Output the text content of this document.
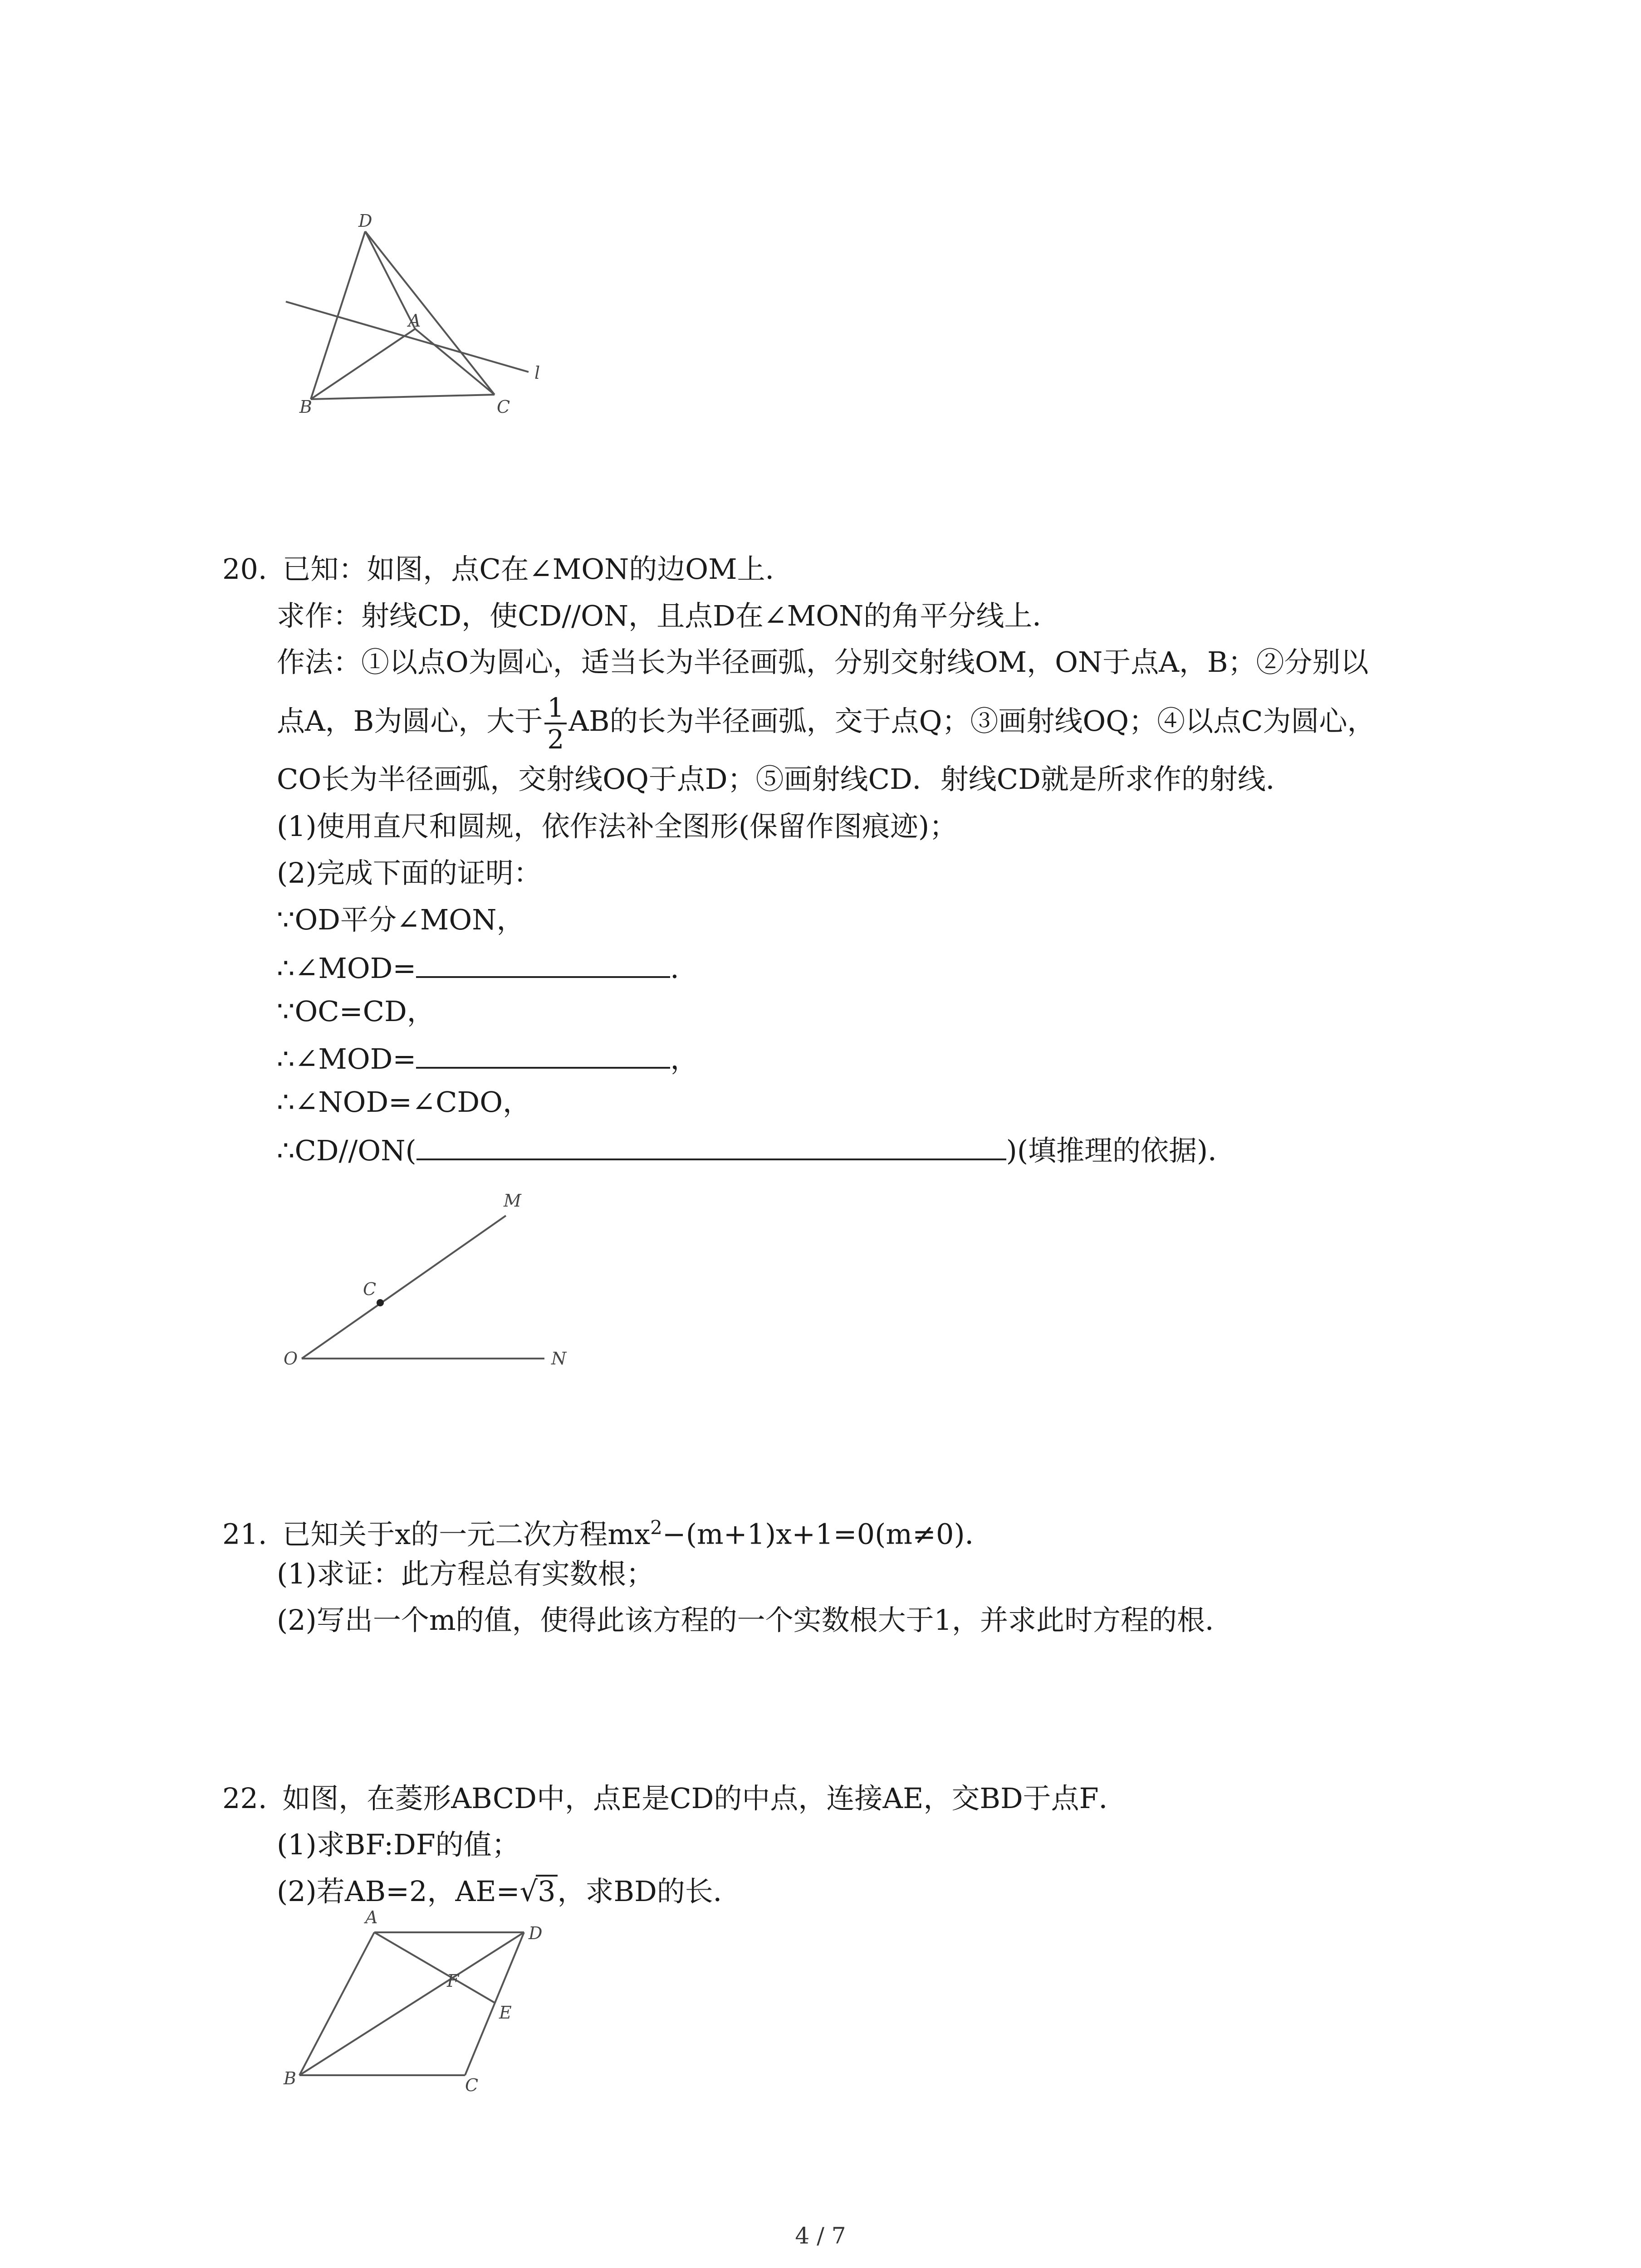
D
A
l
B	C
20. 已知：如图，点C在∠MON的边OM上．
求作：射线CD，使CD//ON，且点D在∠MON的角平分线上．
作法：①以点O为圆心，适当长为半径画弧，分别交射线OM，ON于点A，B；②分别以
点A，B为圆心，大于 $\frac{1}{2}$ AB的长为半径画弧，交于点Q；③画射线OQ；④以点C为圆心，
CO长为半径画弧，交射线OQ于点D；⑤画射线CD．射线CD就是所求作的射线．
(1)使用直尺和圆规，依作法补全图形(保留作图痕迹)；
(2)完成下面的证明：
∵OD平分∠MON，
∴∠MOD=	．
∵OC=CD，
∴∠MOD=	，
∴∠NOD=∠CDO，
∴CD//ON(	)(填推理的依据)．
M
C
O	N
21. 已知关于x的一元二次方程$mx^2-(m+1)x+1=0(m\ne 0)$．
(1)求证：此方程总有实数根；
(2)写出一个m的值，使得此该方程的一个实数根大于1，并求此时方程的根．
22. 如图，在菱形ABCD中，点E是CD的中点，连接AE，交BD于点F．
(1)求BF:DF的值；
(2)若AB=2，AE=√3，求BD的长．
A
D
F
E
B	C
4 / 7
